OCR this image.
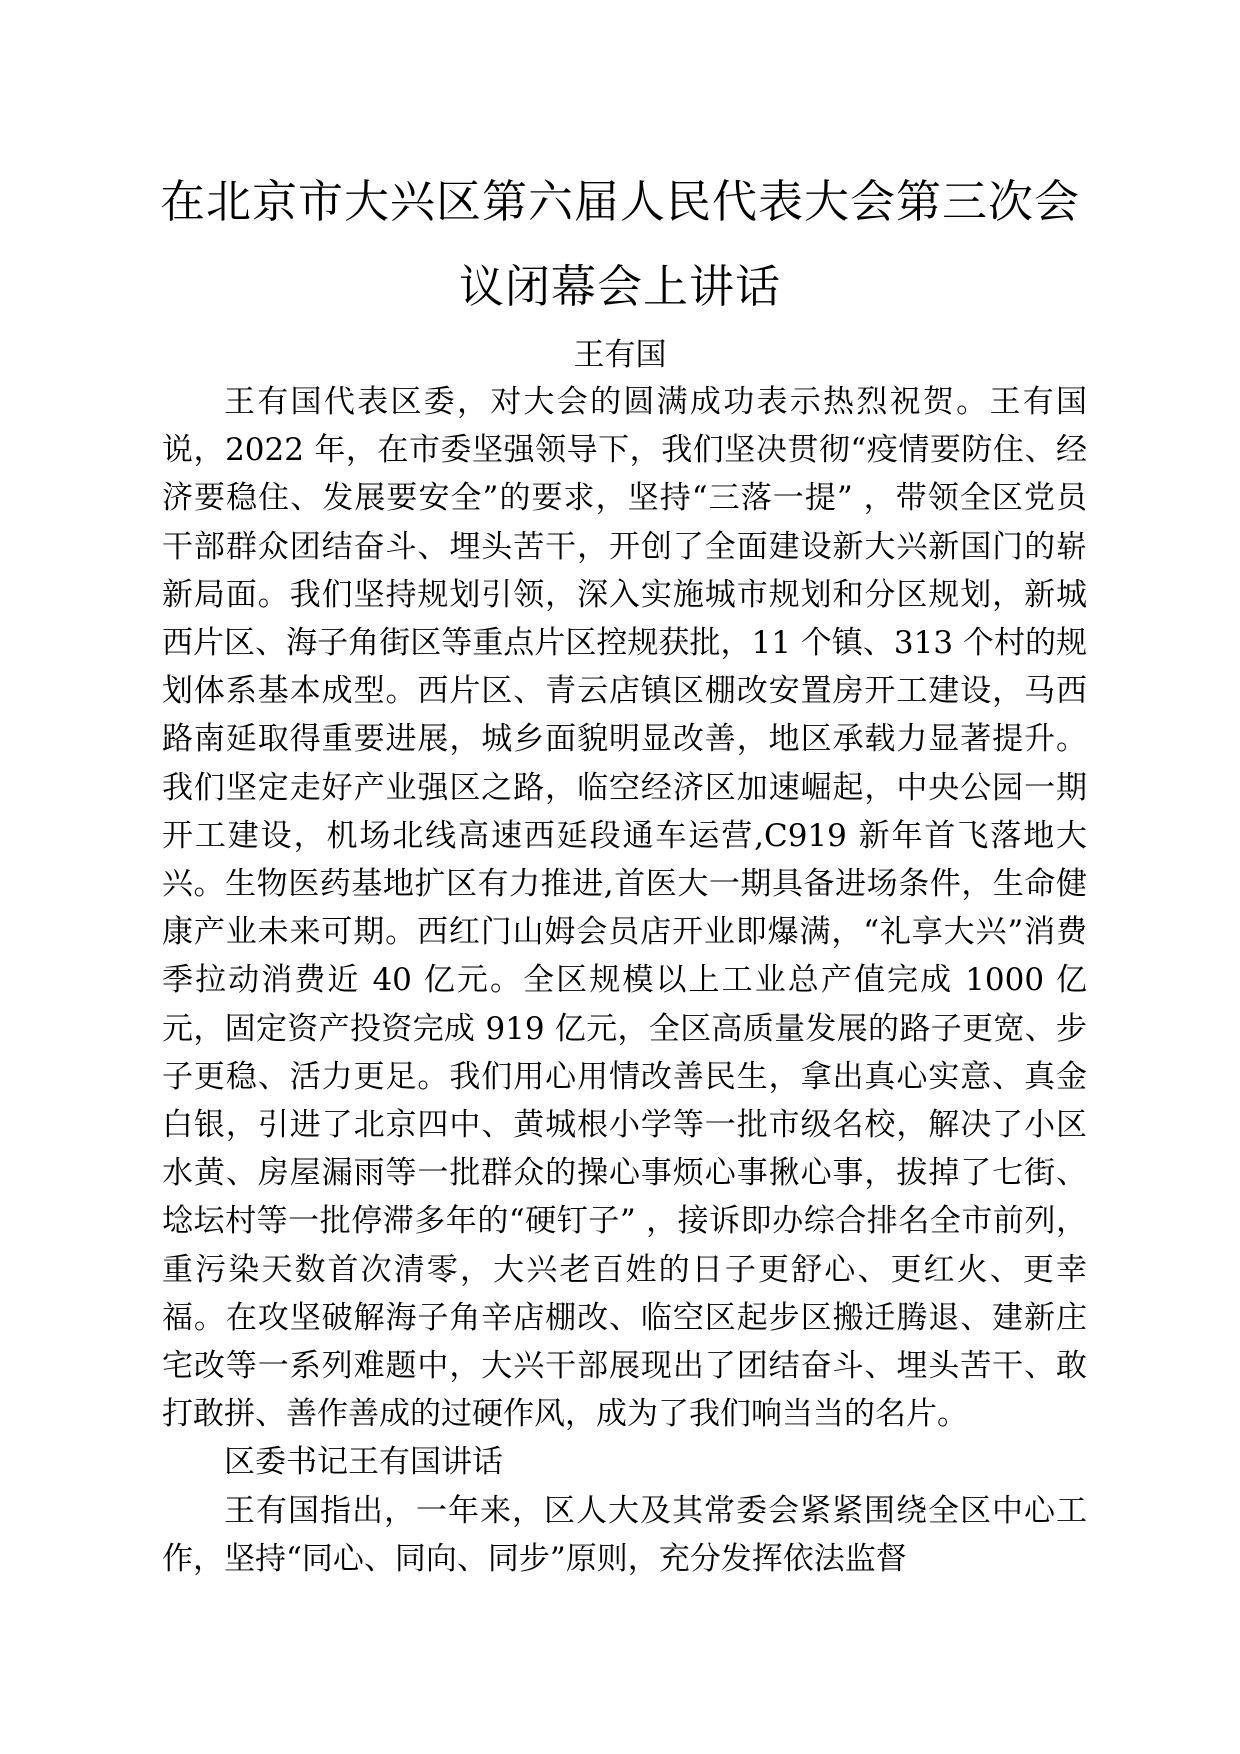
在北京市大兴区第六届人民代表大会第三次会
议闭幕会上讲话

王有国

王有国代表区委，对大会的圆满成功表示热烈祝贺。王有国说，2022 年，在市委坚强领导下，我们坚决贯彻“疫情要防住、经济要稳住、发展要安全”的要求，坚持“三落一提” ，带领全区党员干部群众团结奋斗、埋头苦干，开创了全面建设新大兴新国门的崭新局面。我们坚持规划引领，深入实施城市规划和分区规划，新城西片区、海子角街区等重点片区控规获批，11 个镇、313 个村的规划体系基本成型。西片区、青云店镇区棚改安置房开工建设，马西路南延取得重要进展，城乡面貌明显改善，地区承载力显著提升。我们坚定走好产业强区之路，临空经济区加速崛起，中央公园一期开工建设，机场北线高速西延段通车运营,C919 新年首飞落地大兴。生物医药基地扩区有力推进,首医大一期具备进场条件，生命健康产业未来可期。西红门山姆会员店开业即爆满，“礼享大兴”消费季拉动消费近 40 亿元。全区规模以上工业总产值完成 1000 亿元，固定资产投资完成 919 亿元，全区高质量发展的路子更宽、步子更稳、活力更足。我们用心用情改善民生，拿出真心实意、真金白银，引进了北京四中、黄城根小学等一批市级名校，解决了小区水黄、房屋漏雨等一批群众的操心事烦心事揪心事，拔掉了七街、埝坛村等一批停滞多年的“硬钉子” ，接诉即办综合排名全市前列，重污染天数首次清零，大兴老百姓的日子更舒心、更红火、更幸福。在攻坚破解海子角辛店棚改、临空区起步区搬迁腾退、建新庄宅改等一系列难题中，大兴干部展现出了团结奋斗、埋头苦干、敢打敢拼、善作善成的过硬作风，成为了我们响当当的名片。

区委书记王有国讲话

王有国指出，一年来，区人大及其常委会紧紧围绕全区中心工作，坚持“同心、同向、同步”原则，充分发挥依法监督
